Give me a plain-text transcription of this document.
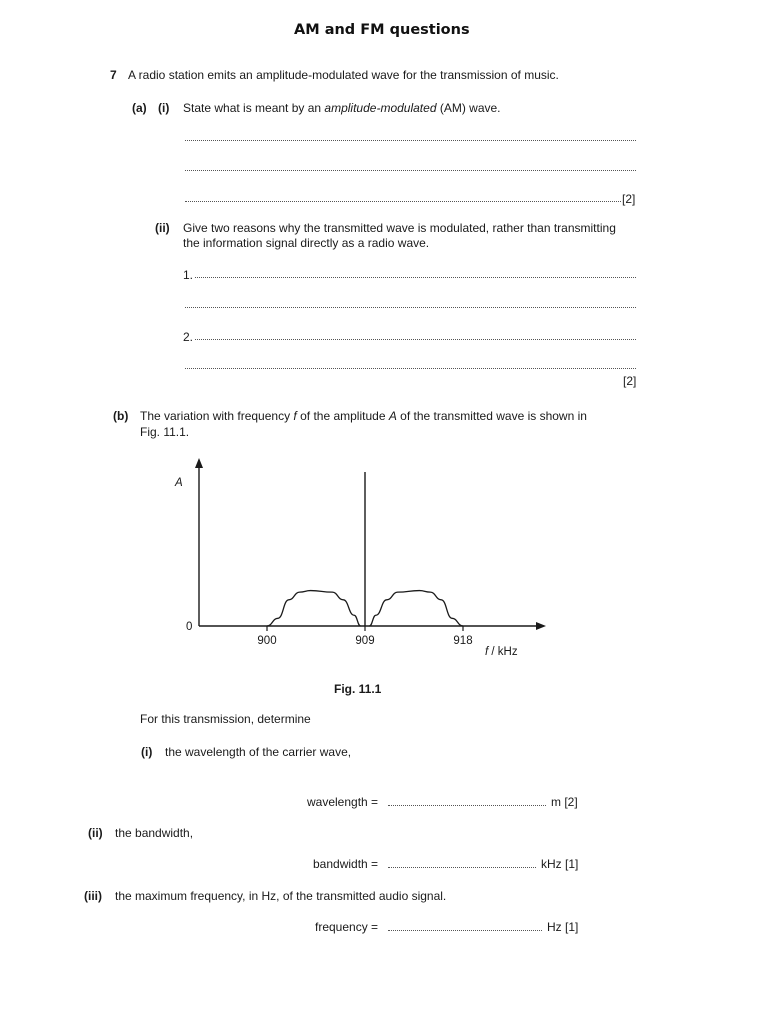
AM and FM questions
7 A radio station emits an amplitude-modulated wave for the transmission of music.
(a) (i) State what is meant by an amplitude-modulated (AM) wave.
[2]
(ii) Give two reasons why the transmitted wave is modulated, rather than transmitting
the information signal directly as a radio wave.
1.
2.
[2]
(b) The variation with frequency f of the amplitude A of the transmitted wave is shown in
Fig. 11.1.
A
0
900	909	918
f / kHz
Fig. 11.1
For this transmission, determine
(i) the wavelength of the carrier wave,
wavelength =	m [2]
(ii) the bandwidth,
bandwidth =	kHz [1]
(iii) the maximum frequency, in Hz, of the transmitted audio signal.
frequency =	Hz [1]
